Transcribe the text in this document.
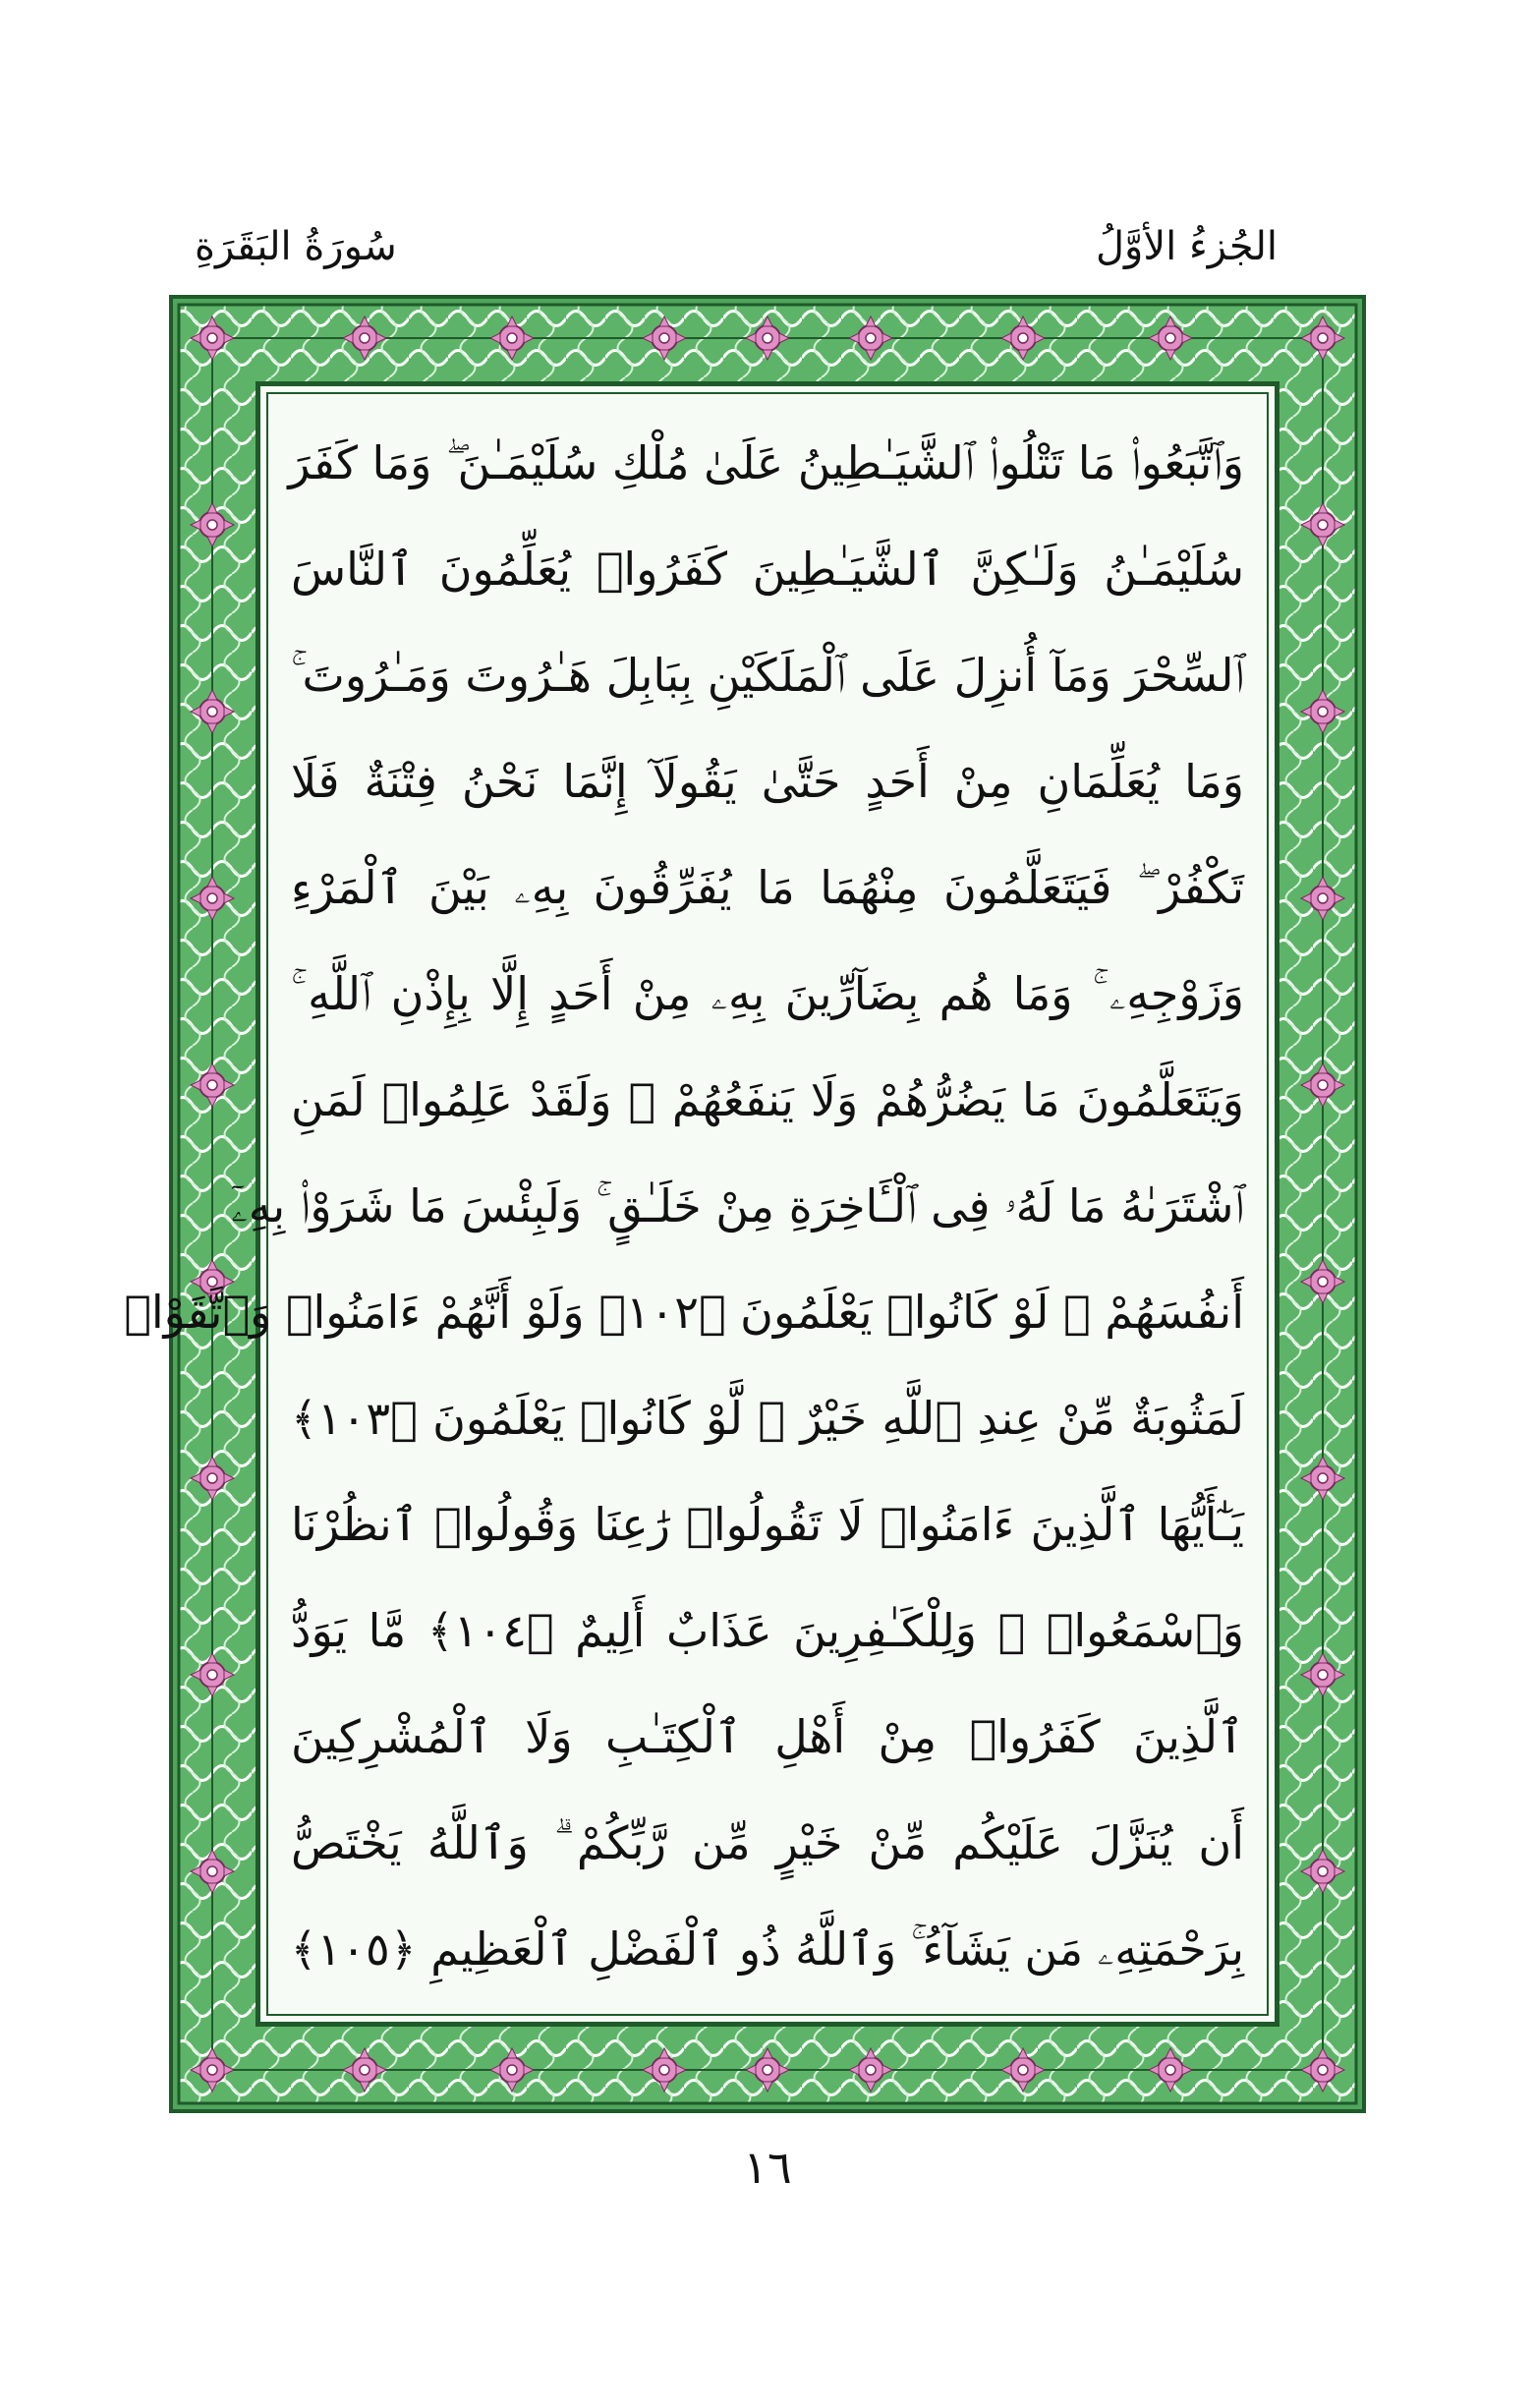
الجُزءُ الأوَّلُ
سُورَةُ البَقَرَةِ
وَٱتَّبَعُوا۟ مَا تَتْلُوا۟ ٱلشَّيَـٰطِينُ عَلَىٰ مُلْكِ سُلَيْمَـٰنَ ۖ وَمَا كَفَرَ
سُلَيْمَـٰنُ وَلَـٰكِنَّ ٱلشَّيَـٰطِينَ كَفَرُوا۟ يُعَلِّمُونَ ٱلنَّاسَ
ٱلسِّحْرَ وَمَآ أُنزِلَ عَلَى ٱلْمَلَكَيْنِ بِبَابِلَ هَـٰرُوتَ وَمَـٰرُوتَ ۚ
وَمَا يُعَلِّمَانِ مِنْ أَحَدٍ حَتَّىٰ يَقُولَآ إِنَّمَا نَحْنُ فِتْنَةٌ فَلَا
تَكْفُرْ ۖ فَيَتَعَلَّمُونَ مِنْهُمَا مَا يُفَرِّقُونَ بِهِۦ بَيْنَ ٱلْمَرْءِ
وَزَوْجِهِۦ ۚ وَمَا هُم بِضَآرِّينَ بِهِۦ مِنْ أَحَدٍ إِلَّا بِإِذْنِ ٱللَّهِ ۚ
وَيَتَعَلَّمُونَ مَا يَضُرُّهُمْ وَلَا يَنفَعُهُمْ ۚ وَلَقَدْ عَلِمُوا۟ لَمَنِ
ٱشْتَرَىٰهُ مَا لَهُۥ فِى ٱلْـَٔاخِرَةِ مِنْ خَلَـٰقٍ ۚ وَلَبِئْسَ مَا شَرَوْا۟ بِهِۦٓ
أَنفُسَهُمْ ۚ لَوْ كَانُوا۟ يَعْلَمُونَ ﴿١٠٢﴾ وَلَوْ أَنَّهُمْ ءَامَنُوا۟ وَٱتَّقَوْا۟
لَمَثُوبَةٌ مِّنْ عِندِ ٱللَّهِ خَيْرٌ ۖ لَّوْ كَانُوا۟ يَعْلَمُونَ ﴿١٠٣﴾
يَـٰٓأَيُّهَا ٱلَّذِينَ ءَامَنُوا۟ لَا تَقُولُوا۟ رَٰعِنَا وَقُولُوا۟ ٱنظُرْنَا
وَٱسْمَعُوا۟ ۗ وَلِلْكَـٰفِرِينَ عَذَابٌ أَلِيمٌ ﴿١٠٤﴾ مَّا يَوَدُّ
ٱلَّذِينَ كَفَرُوا۟ مِنْ أَهْلِ ٱلْكِتَـٰبِ وَلَا ٱلْمُشْرِكِينَ
أَن يُنَزَّلَ عَلَيْكُم مِّنْ خَيْرٍ مِّن رَّبِّكُمْ ۗ وَٱللَّهُ يَخْتَصُّ
بِرَحْمَتِهِۦ مَن يَشَآءُ ۚ وَٱللَّهُ ذُو ٱلْفَضْلِ ٱلْعَظِيمِ ﴿١٠٥﴾
١٦
